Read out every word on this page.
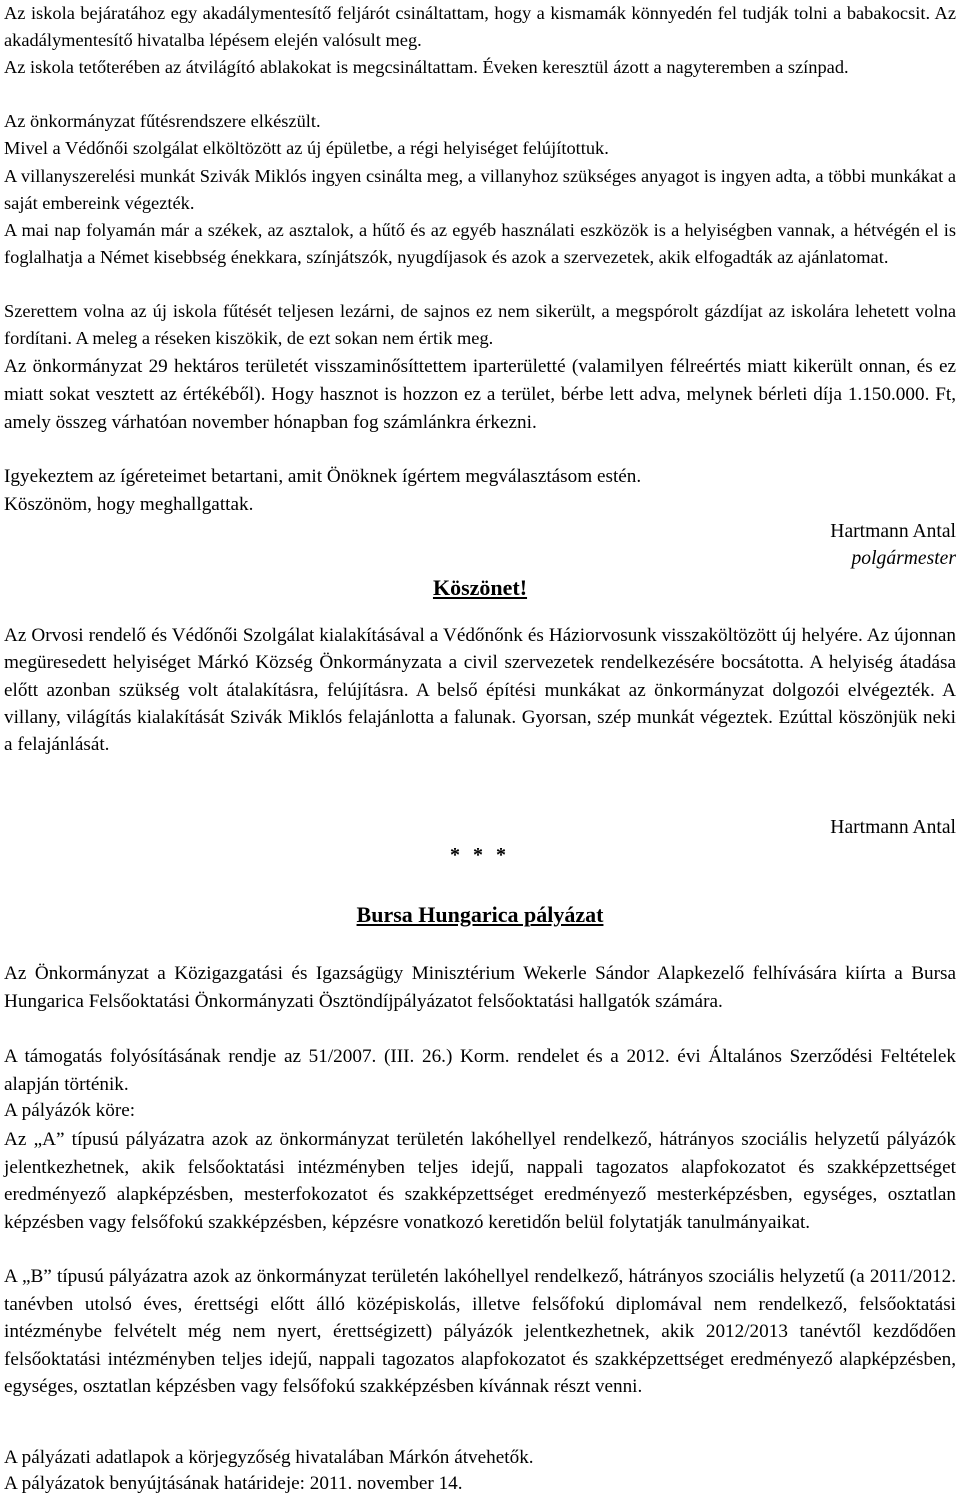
Az iskola bejáratához egy akadálymentesítő feljárót csináltattam, hogy a kismamák könnyedén fel tudják tolni a babakocsit. Az akadálymentesítő hivatalba lépésem elején valósult meg.

Az iskola tetőterében az átvilágító ablakokat is megcsináltattam. Éveken keresztül ázott a nagyteremben a színpad.

Az önkormányzat fűtésrendszere elkészült.

Mivel a Védőnői szolgálat elköltözött az új épületbe, a régi helyiséget felújítottuk.

A villanyszerelési munkát Szivák Miklós ingyen csinálta meg, a villanyhoz szükséges anyagot is ingyen adta, a többi munkákat a saját embereink végezték.

A mai nap folyamán már a székek, az asztalok, a hűtő és az egyéb használati eszközök is a helyiségben vannak, a hétvégén el is foglalhatja a Német kisebbség énekkara, színjátszók, nyugdíjasok és azok a szervezetek, akik elfogadták az ajánlatomat.

Szerettem volna az új iskola fűtését teljesen lezárni, de sajnos ez nem sikerült, a megspórolt gázdíjat az iskolára lehetett volna fordítani. A meleg a réseken kiszökik, de ezt sokan nem értik meg.

Az önkormányzat 29 hektáros területét visszaminősíttettem iparterületté (valamilyen félreértés miatt kikerült onnan, és ez miatt sokat vesztett az értékéből). Hogy hasznot is hozzon ez a terület, bérbe lett adva, melynek bérleti díja 1.150.000. Ft, amely összeg várhatóan november hónapban fog számlánkra érkezni.

Igyekeztem az ígéreteimet betartani, amit Önöknek ígértem megválasztásom estén.

Köszönöm, hogy meghallgattak.

Hartmann Antal

polgármester

Köszönet!

Az Orvosi rendelő és Védőnői Szolgálat kialakításával a Védőnőnk és Háziorvosunk visszaköltözött új helyére. Az újonnan megüresedett helyiséget Márkó Község Önkormányzata a civil szervezetek rendelkezésére bocsátotta. A helyiség átadása előtt azonban szükség volt átalakításra, felújításra. A belső építési munkákat az önkormányzat dolgozói elvégezték. A villany, világítás kialakítását Szivák Miklós felajánlotta a falunak. Gyorsan, szép munkát végeztek. Ezúttal köszönjük neki a felajánlását.

Hartmann Antal

* * *

Bursa Hungarica pályázat

Az Önkormányzat a Közigazgatási és Igazságügy Minisztérium Wekerle Sándor Alapkezelő felhívására kiírta a Bursa Hungarica Felsőoktatási Önkormányzati Ösztöndíjpályázatot felsőoktatási hallgatók számára.

A támogatás folyósításának rendje az 51/2007. (III. 26.) Korm. rendelet és a 2012. évi Általános Szerződési Feltételek alapján történik.

A pályázók köre:

Az „A” típusú pályázatra azok az önkormányzat területén lakóhellyel rendelkező, hátrányos szociális helyzetű pályázók jelentkezhetnek, akik felsőoktatási intézményben teljes idejű, nappali tagozatos alapfokozatot és szakképzettséget eredményező alapképzésben, mesterfokozatot és szakképzettséget eredményező mesterképzésben, egységes, osztatlan képzésben vagy felsőfokú szakképzésben, képzésre vonatkozó keretidőn belül folytatják tanulmányaikat.

A „B” típusú pályázatra azok az önkormányzat területén lakóhellyel rendelkező, hátrányos szociális helyzetű (a 2011/2012. tanévben utolsó éves, érettségi előtt álló középiskolás, illetve felsőfokú diplomával nem rendelkező, felsőoktatási intézménybe felvételt még nem nyert, érettségizett) pályázók jelentkezhetnek, akik 2012/2013 tanévtől kezdődően felsőoktatási intézményben teljes idejű, nappali tagozatos alapfokozatot és szakképzettséget eredményező alapképzésben, egységes, osztatlan képzésben vagy felsőfokú szakképzésben kívánnak részt venni.

A pályázati adatlapok a körjegyzőség hivatalában Márkón átvehetők.

A pályázatok benyújtásának határideje: 2011. november 14.
